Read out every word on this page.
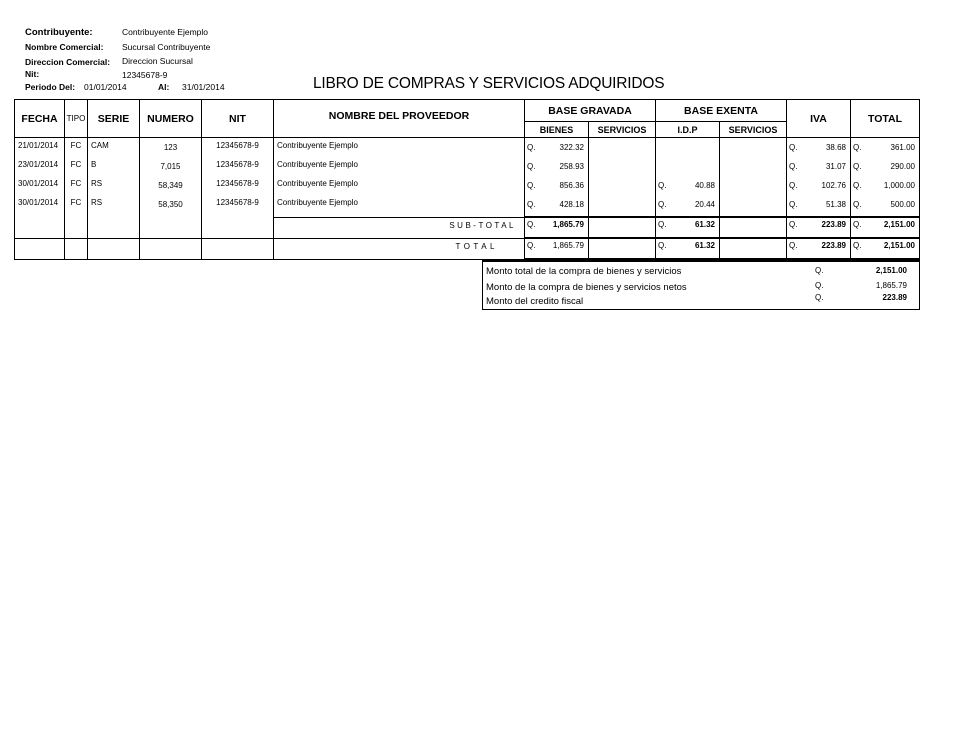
Contribuyente:	Contribuyente Ejemplo
Nombre Comercial: Sucursal Contribuyente
Direccion Comercial: Direccion Sucursal
Nit:	12345678-9
Periodo Del: 01/01/2014	Al: 31/01/2014	LIBRO DE COMPRAS Y SERVICIOS ADQUIRIDOS
FECHA	TIPO	SERIE	NUMERO	NIT	NOMBRE DEL PROVEEDOR	BASE GRAVADA		BASE EXENTA		IVA	TOTAL
						BIENES	SERVICIOS	I.D.P	SERVICIOS		

21/01/2014	FC	CAM	123	12345678-9	Contribuyente Ejemplo	Q. 322.32				Q. 38.68	Q. 361.00

23/01/2014	FC	B	7,015	12345678-9	Contribuyente Ejemplo	Q. 258.93				Q. 31.07	Q. 290.00

30/01/2014	FC	RS	58,349	12345678-9	Contribuyente Ejemplo	Q. 856.36		Q. 40.88		Q. 102.76	Q. 1,000.00

30/01/2014	FC	RS	58,350	12345678-9	Contribuyente Ejemplo	Q. 428.18		Q. 20.44		Q. 51.38	Q. 500.00

					SUB-TOTAL	Q. 1,865.79		Q. 61.32		Q. 223.89	Q. 2,151.00

					TOTAL	Q. 1,865.79		Q. 61.32		Q. 223.89	Q. 2,151.00
Monto total de la compra de bienes y servicios	Q.	2,151.00
Monto de la compra de bienes y servicios netos	Q.	1,865.79
Monto del credito fiscal	Q.	223.89
